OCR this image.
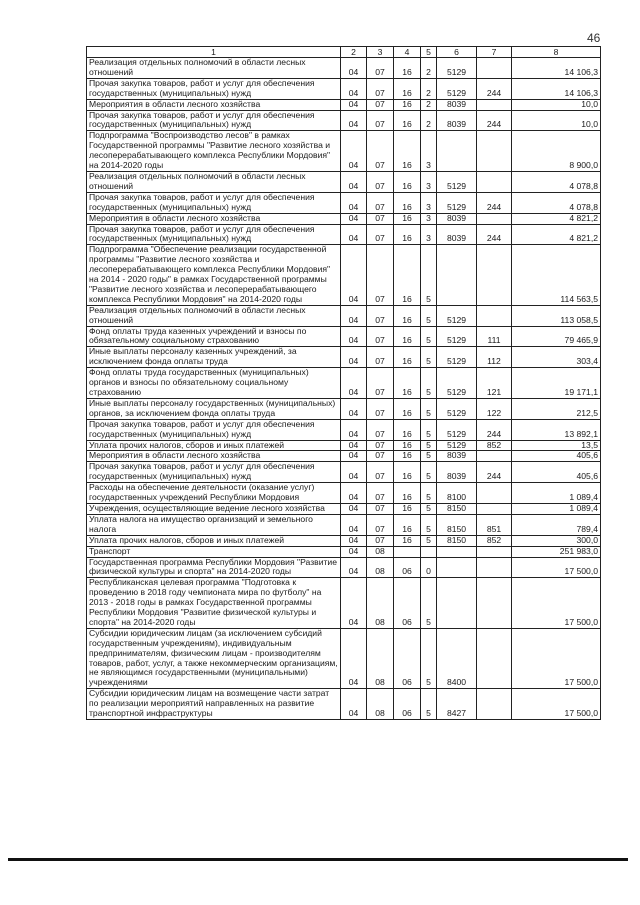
46
1	2	3	4	5	6	7	8
Реализация отдельных полномочий в области лесных отношений	04	07	16	2	5129		14 106,3
Прочая закупка товаров, работ и услуг для обеспечения государственных (муниципальных) нужд	04	07	16	2	5129	244	14 106,3
Мероприятия в области лесного хозяйства	04	07	16	2	8039		10,0
Прочая закупка товаров, работ и услуг для обеспечения государственных (муниципальных) нужд	04	07	16	2	8039	244	10,0
Подпрограмма "Воспроизводство лесов" в рамках Государственной программы "Развитие лесного хозяйства и лесоперерабатывающего комплекса Республики Мордовия" на 2014-2020 годы	04	07	16	3			8 900,0
Реализация отдельных полномочий в области лесных отношений	04	07	16	3	5129		4 078,8
Прочая закупка товаров, работ и услуг для обеспечения государственных (муниципальных) нужд	04	07	16	3	5129	244	4 078,8
Мероприятия в области лесного хозяйства	04	07	16	3	8039		4 821,2
Прочая закупка товаров, работ и услуг для обеспечения государственных (муниципальных) нужд	04	07	16	3	8039	244	4 821,2
Подпрограмма "Обеспечение реализации государственной программы "Развитие лесного хозяйства и лесоперерабатывающего комплекса Республики Мордовия" на 2014 - 2020 годы" в рамках Государственной программы "Развитие лесного хозяйства и лесоперерабатывающего комплекса Республики Мордовия" на 2014-2020 годы	04	07	16	5			114 563,5
Реализация отдельных полномочий в области лесных отношений	04	07	16	5	5129		113 058,5
Фонд оплаты труда казенных учреждений и взносы по обязательному социальному страхованию	04	07	16	5	5129	111	79 465,9
Иные выплаты персоналу казенных учреждений, за исключением фонда оплаты труда	04	07	16	5	5129	112	303,4
Фонд оплаты труда государственных (муниципальных) органов и взносы по обязательному социальному страхованию	04	07	16	5	5129	121	19 171,1
Иные выплаты персоналу государственных (муниципальных) органов, за исключением фонда оплаты труда	04	07	16	5	5129	122	212,5
Прочая закупка товаров, работ и услуг для обеспечения государственных (муниципальных) нужд	04	07	16	5	5129	244	13 892,1
Уплата прочих налогов, сборов и иных платежей	04	07	16	5	5129	852	13,5
Мероприятия в области лесного хозяйства	04	07	16	5	8039		405,6
Прочая закупка товаров, работ и услуг для обеспечения государственных (муниципальных) нужд	04	07	16	5	8039	244	405,6
Расходы на обеспечение деятельности (оказание услуг) государственных учреждений Республики Мордовия	04	07	16	5	8100		1 089,4
Учреждения, осуществляющие ведение лесного хозяйства	04	07	16	5	8150		1 089,4
Уплата налога на имущество организаций и земельного налога	04	07	16	5	8150	851	789,4
Уплата прочих налогов, сборов и иных платежей	04	07	16	5	8150	852	300,0
Транспорт	04	08					251 983,0
Государственная программа Республики Мордовия "Развитие физической культуры и спорта" на 2014-2020 годы	04	08	06	0			17 500,0
Республиканская целевая программа "Подготовка к проведению в 2018 году чемпионата мира по футболу" на 2013 - 2018 годы в рамках Государственной программы Республики Мордовия "Развитие физической культуры и спорта" на 2014-2020 годы	04	08	06	5			17 500,0
Субсидии юридическим лицам (за исключением субсидий государственным учреждениям), индивидуальным предпринимателям, физическим лицам - производителям товаров, работ, услуг, а также некоммерческим организациям, не являющимся государственными (муниципальными) учреждениями	04	08	06	5	8400		17 500,0
Субсидии юридическим лицам на возмещение части затрат по реализации мероприятий направленных на развитие транспортной инфраструктуры	04	08	06	5	8427		17 500,0
